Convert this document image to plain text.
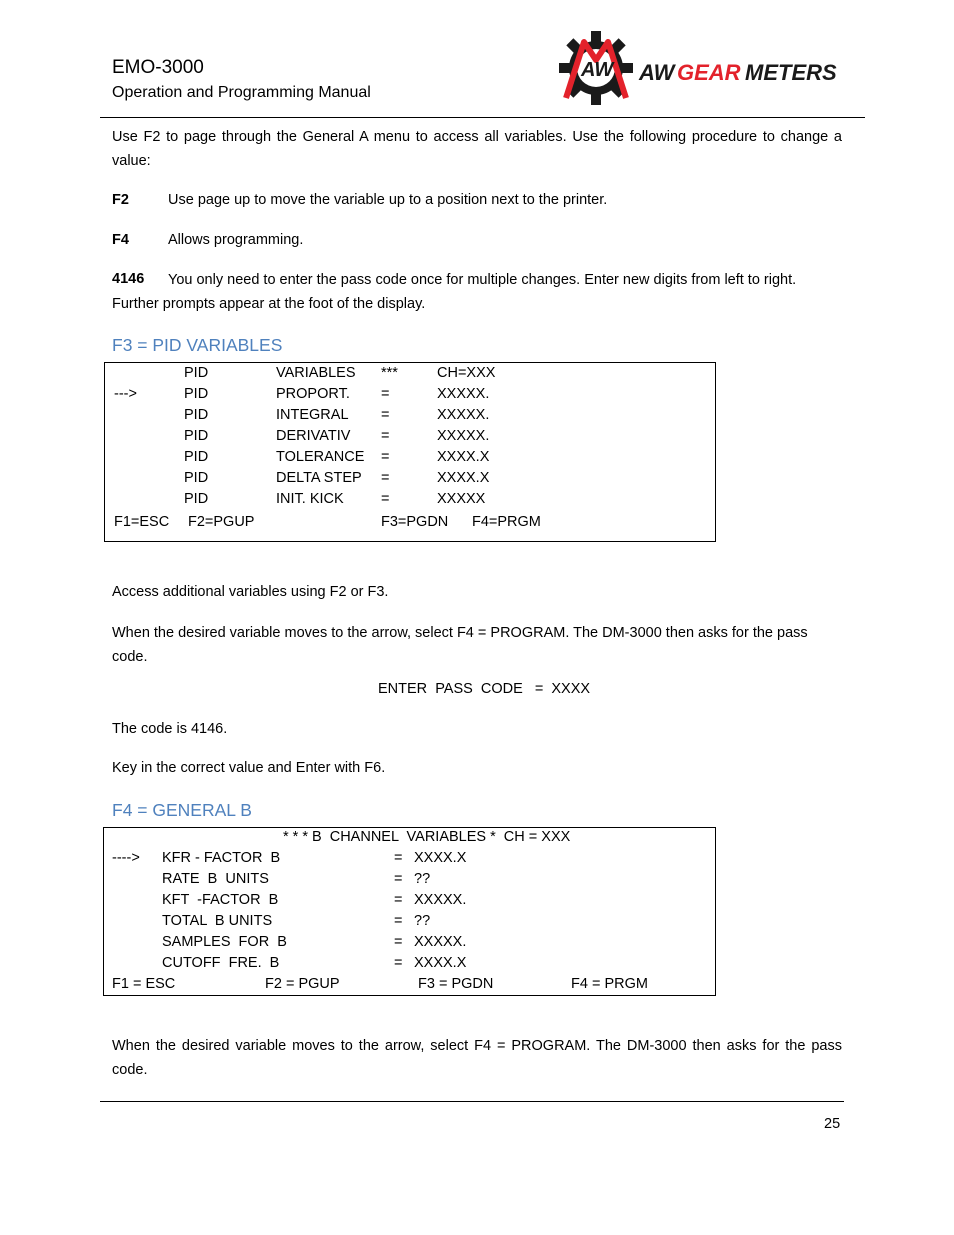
EMO-3000
Operation and Programming Manual
AW AW GEAR METERS
Use F2 to page through the General A menu to access all variables. Use the following procedure to change a value:
F2	Use page up to move the variable up to a position next to the printer.
F4	Allows programming.
4146	You only need to enter the pass code once for multiple changes. Enter new digits from left to right. Further prompts appear at the foot of the display.
F3 = PID VARIABLES
PID	VARIABLES ***	CH=XXX
--->	PID	PROPORT. =	XXXXX.
PID	INTEGRAL =	XXXXX.
PID	DERIVATIV =	XXXXX.
PID	TOLERANCE =	XXXX.X
PID	DELTA STEP =	XXXX.X
PID	INIT. KICK	=	XXXXX
F1=ESC F2=PGUP	F3=PGDN F4=PRGM
Access additional variables using F2 or F3.
When the desired variable moves to the arrow, select F4 = PROGRAM. The DM-3000 then asks for the pass code.
ENTER  PASS  CODE   =  XXXX
The code is 4146.
Key in the correct value and Enter with F6.
F4 = GENERAL B
* * * B  CHANNEL  VARIABLES *  CH = XXX
----> KFR - FACTOR  B	= XXXX.X
RATE  B  UNITS	= ??
KFT  -FACTOR  B	= XXXXX.
TOTAL  B UNITS	= ??
SAMPLES  FOR  B	= XXXXX.
CUTOFF  FRE.  B	= XXXX.X
F1 = ESC	F2 = PGUP	F3 = PGDN	F4 = PRGM
When the desired variable moves to the arrow, select F4 = PROGRAM. The DM-3000 then asks for the pass code.
25
